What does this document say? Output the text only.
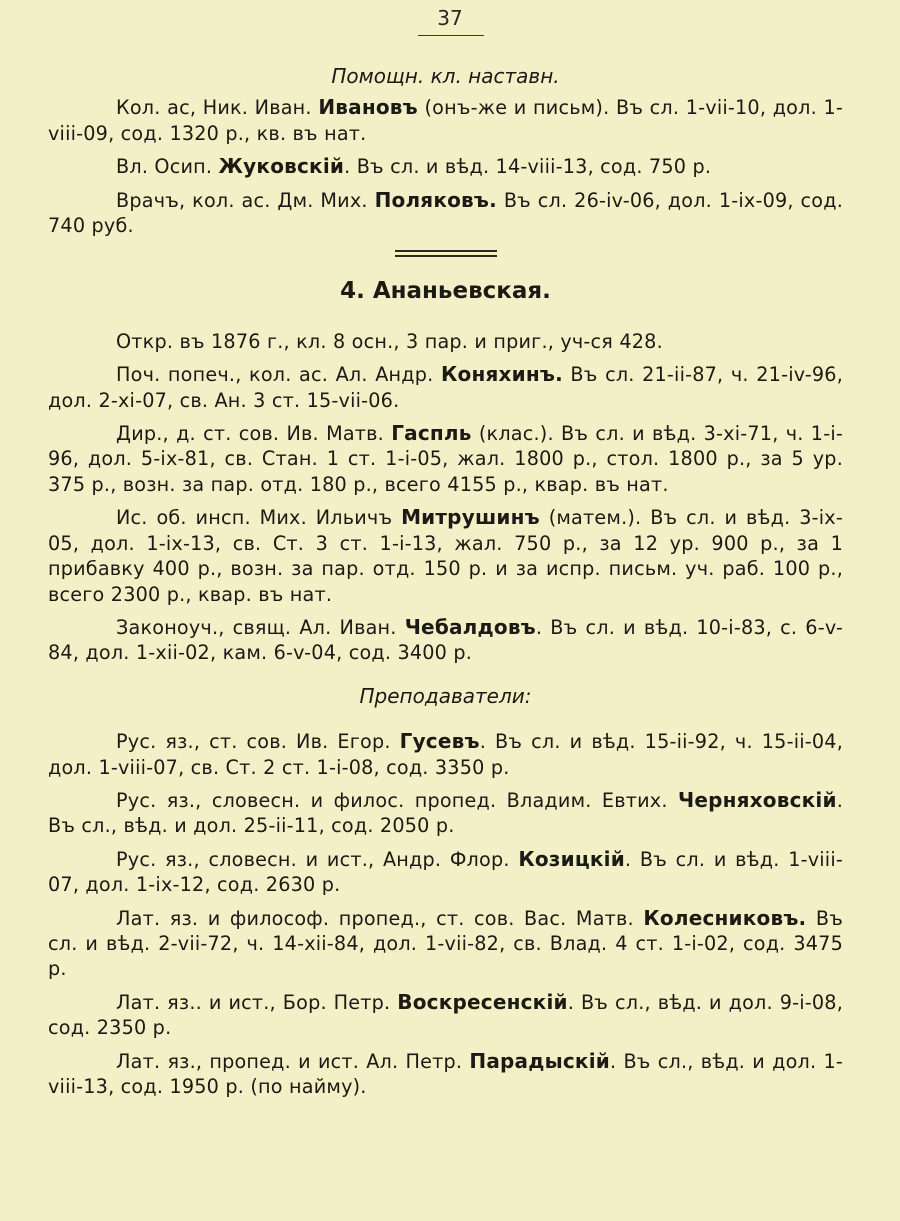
37
Помощн. кл. наставн.

Кол. ас, Ник. Иван. Ивановъ (онъ-же и письм). Въ сл. 1-vii-10, дол. 1-viii-09, сод. 1320 р., кв. въ нат.

Вл. Осип. Жуковскій. Въ сл. и вѣд. 14-viii-13, сод. 750 р.

Врачъ, кол. ас. Дм. Мих. Поляковъ. Въ сл. 26-iv-06, дол. 1-ix-09, сод. 740 руб.

4. Ананьевская.

Откр. въ 1876 г., кл. 8 осн., 3 пар. и приг., уч-ся 428.

Поч. попеч., кол. ас. Ал. Андр. Коняхинъ. Въ сл. 21-ii-87, ч. 21-iv-96, дол. 2-xi-07, св. Ан. 3 ст. 15-vii-06.

Дир., д. ст. сов. Ив. Матв. Гаспль (клас.). Въ сл. и вѣд. 3-xi-71, ч. 1-i-96, дол. 5-ix-81, св. Стан. 1 ст. 1-i-05, жал. 1800 р., стол. 1800 р., за 5 ур. 375 р., возн. за пар. отд. 180 р., всего 4155 р., квар. въ нат.

Ис. об. инсп. Мих. Ильичъ Митрушинъ (матем.). Въ сл. и вѣд. 3-ix-05, дол. 1-ix-13, св. Ст. 3 ст. 1-i-13, жал. 750 р., за 12 ур. 900 р., за 1 прибавку 400 р., возн. за пар. отд. 150 р. и за испр. письм. уч. раб. 100 р., всего 2300 р., квар. въ нат.

Законоуч., свящ. Ал. Иван. Чебалдовъ. Въ сл. и вѣд. 10-i-83, с. 6-v-84, дол. 1-xii-02, кам. 6-v-04, сод. 3400 р.

Преподаватели:

Рус. яз., ст. сов. Ив. Егор. Гусевъ. Въ сл. и вѣд. 15-ii-92, ч. 15-ii-04, дол. 1-viii-07, св. Ст. 2 ст. 1-i-08, сод. 3350 р.

Рус. яз., словесн. и филос. пропед. Владим. Евтих. Черняховскій. Въ сл., вѣд. и дол. 25-ii-11, сод. 2050 р.

Рус. яз., словесн. и ист., Андр. Флор. Козицкій. Въ сл. и вѣд. 1-viii-07, дол. 1-ix-12, сод. 2630 р.

Лат. яз. и философ. пропед., ст. сов. Вас. Матв. Колесниковъ. Въ сл. и вѣд. 2-vii-72, ч. 14-xii-84, дол. 1-vii-82, св. Влад. 4 ст. 1-i-02, сод. 3475 р.

Лат. яз.. и ист., Бор. Петр. Воскресенскій. Въ сл., вѣд. и дол. 9-i-08, сод. 2350 р.

Лат. яз., пропед. и ист. Ал. Петр. Парадыскій. Въ сл., вѣд. и дол. 1-viii-13, сод. 1950 р. (по найму).
